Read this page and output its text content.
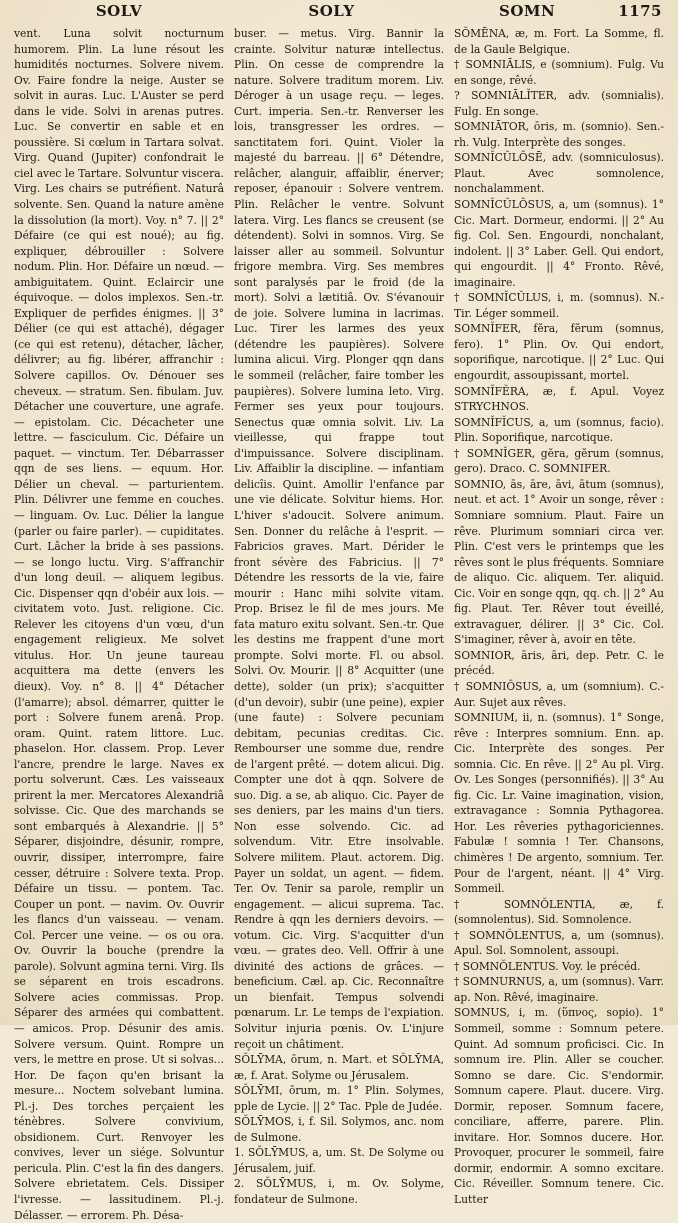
SOLV	SOLY	SOMN	1175

vent. Luna solvit nocturnum humorem. Plin. La lune résout les humidités nocturnes. Solvere nivem. Ov. Faire fondre la neige. Auster se solvit in auras. Luc. L'Auster se perd dans le vide. Solvi in arenas putres. Luc. Se convertir en sable et en poussière. Si cœlum in Tartara solvat. Virg. Quand (Jupiter) confondrait le ciel avec le Tartare. Solvuntur viscera. Virg. Les chairs se putréfient. Naturâ solvente. Sen. Quand la nature amène la dissolution (la mort). Voy. n° 7. || 2° Défaire (ce qui est noué); au fig. expliquer, débrouiller : Solvere nodum. Plin. Hor. Défaire un nœud. — ambiguitatem. Quint. Eclaircir une équivoque. — dolos implexos. Sen.-tr. Expliquer de perfides énigmes. || 3° Délier (ce qui est attaché), dégager (ce qui est retenu), détacher, lâcher, délivrer; au fig. libérer, affranchir : Solvere capillos. Ov. Dénouer ses cheveux. — stratum. Sen. fibulam. Juv. Détacher une couverture, une agrafe. — epistolam. Cic. Décacheter une lettre. — fasciculum. Cic. Défaire un paquet. — vinctum. Ter. Débarrasser qqn de ses liens. — equum. Hor. Délier un cheval. — parturientem. Plin. Délivrer une femme en couches. — linguam. Ov. Luc. Délier la langue (parler ou faire parler). — cupiditates. Curt. Lâcher la bride à ses passions. — se longo luctu. Virg. S'affranchir d'un long deuil. — aliquem legibus. Cic. Dispenser qqn d'obéir aux lois. — civitatem voto. Just. religione. Cic. Relever les citoyens d'un vœu, d'un engagement religieux. Me solvet vitulus. Hor. Un jeune taureau acquittera ma dette (envers les dieux). Voy. n° 8. || 4° Détacher (l'amarre); absol. démarrer, quitter le port : Solvere funem arenâ. Prop. oram. Quint. ratem littore. Luc. phaselon. Hor. classem. Prop. Lever l'ancre, prendre le large. Naves ex portu solverunt. Cæs. Les vaisseaux prirent la mer. Mercatores Alexandriâ solvisse. Cic. Que des marchands se sont embarqués à Alexandrie. || 5° Séparer, disjoindre, désunir, rompre, ouvrir, dissiper, interrompre, faire cesser, détruire : Solvere texta. Prop. Défaire un tissu. — pontem. Tac. Couper un pont. — navim. Ov. Ouvrir les flancs d'un vaisseau. — venam. Col. Percer une veine. — os ou ora. Ov. Ouvrir la bouche (prendre la parole). Solvunt agmina terni. Virg. Ils se séparent en trois escadrons. Solvere acies commissas. Prop. Séparer des armées qui combattent. — amicos. Prop. Désunir des amis. Solvere versum. Quint. Rompre un vers, le mettre en prose. Ut si solvas... Hor. De façon qu'en brisant la mesure... Noctem solvebant lumina. Pl.-j. Des torches perçaient les ténèbres. Solvere convivium, obsidionem. Curt. Renvoyer les convives, lever un siége. Solvuntur pericula. Plin. C'est la fin des dangers. Solvere ebrietatem. Cels. Dissiper l'ivresse. — lassitudinem. Pl.-j. Délasser. — errorem. Ph. Désa-

buser. — metus. Virg. Bannir la crainte. Solvitur naturæ intellectus. Plin. On cesse de comprendre la nature. Solvere traditum morem. Liv. Déroger à un usage reçu. — leges. Curt. imperia. Sen.-tr. Renverser les lois, transgresser les ordres. — sanctitatem fori. Quint. Violer la majesté du barreau. || 6° Détendre, relâcher, alanguir, affaiblir, énerver; reposer, épanouir : Solvere ventrem. Plin. Relâcher le ventre. Solvunt latera. Virg. Les flancs se creusent (se détendent). Solvi in somnos. Virg. Se laisser aller au sommeil. Solvuntur frigore membra. Virg. Ses membres sont paralysés par le froid (de la mort). Solvi a lætitiâ. Ov. S'évanouir de joie. Solvere lumina in lacrimas. Luc. Tirer les larmes des yeux (détendre les paupières). Solvere lumina alicui. Virg. Plonger qqn dans le sommeil (relâcher, faire tomber les paupières). Solvere lumina leto. Virg. Fermer ses yeux pour toujours. Senectus quæ omnia solvit. Liv. La vieillesse, qui frappe tout d'impuissance. Solvere disciplinam. Liv. Affaiblir la discipline. — infantiam delicîis. Quint. Amollir l'enfance par une vie délicate. Solvitur hiems. Hor. L'hiver s'adoucit. Solvere animum. Sen. Donner du relâche à l'esprit. — Fabricios graves. Mart. Dérider le front sévère des Fabricius. || 7° Détendre les ressorts de la vie, faire mourir : Hanc mihi solvite vitam. Prop. Brisez le fil de mes jours. Me fata maturo exitu solvant. Sen.-tr. Que les destins me frappent d'une mort prompte. Solvi morte. Fl. ou absol. Solvi. Ov. Mourir. || 8° Acquitter (une dette), solder (un prix); s'acquitter (d'un devoir), subir (une peine), expier (une faute) : Solvere pecuniam debitam, pecunias creditas. Cic. Rembourser une somme due, rendre de l'argent prêté. — dotem alicui. Dig. Compter une dot à qqn. Solvere de suo. Dig. a se, ab aliquo. Cic. Payer de ses deniers, par les mains d'un tiers. Non esse solvendo. Cic. ad solvendum. Vitr. Etre insolvable. Solvere militem. Plaut. actorem. Dig. Payer un soldat, un agent. — fidem. Ter. Ov. Tenir sa parole, remplir un engagement. — alicui suprema. Tac. Rendre à qqn les derniers devoirs. — votum. Cic. Virg. S'acquitter d'un vœu. — grates deo. Vell. Offrir à une divinité des actions de grâces. — beneficium. Cæl. ap. Cic. Reconnaître un bienfait. Tempus solvendi pœnarum. Lr. Le temps de l'expiation. Solvitur injuria pœnis. Ov. L'injure reçoit un châtiment.

SŎLȲMA, ōrum, n. Mart. et SŎLȲMA, æ, f. Arat. Solyme ou Jérusalem.

SŎLȲMI, ōrum, m. 1° Plin. Solymes, pple de Lycie. || 2° Tac. Pple de Judée.

SŎLȲMOS, i, f. Sil. Solymos, anc. nom de Sulmone.

1. SŎLȲMUS, a, um. St. De Solyme ou Jérusalem, juif.

2. SŎLȲMUS, i, m. Ov. Solyme, fondateur de Sulmone.

SŎMĒNA, æ, m. Fort. La Somme, fl. de la Gaule Belgique.

† SOMNIĀLIS, e (somnium). Fulg. Vu en songe, rêvé.

? SOMNIĀLĬTER, adv. (somnialis). Fulg. En songe.

SOMNIĀTOR, ōris, m. (somnio). Sen.-rh. Vulg. Interprète des songes.

SOMNĬCŬLŌSĒ, adv. (somniculosus). Plaut. Avec somnolence, nonchalamment.

SOMNĬCŬLŌSUS, a, um (somnus). 1° Cic. Mart. Dormeur, endormi. || 2° Au fig. Col. Sen. Engourdi, nonchalant, indolent. || 3° Laber. Gell. Qui endort, qui engourdit. || 4° Fronto. Rêvé, imaginaire.

† SOMNĬCŬLUS, i, m. (somnus). N.-Tir. Léger sommeil.

SOMNĬFER, fĕra, fĕrum (somnus, fero). 1° Plin. Ov. Qui endort, soporifique, narcotique. || 2° Luc. Qui engourdit, assoupissant, mortel.

SOMNĬFĔRA, æ, f. Apul. Voyez STRYCHNOS.

SOMNĬFĬCUS, a, um (somnus, facio). Plin. Soporifique, narcotique.

† SOMNĬGER, gĕra, gĕrum (somnus, gero). Draco. C. SOMNIFER.

SOMNIO, ās, āre, āvi, ātum (somnus), neut. et act. 1° Avoir un songe, rêver : Somniare somnium. Plaut. Faire un rêve. Plurimum somniari circa ver. Plin. C'est vers le printemps que les rêves sont le plus fréquents. Somniare de aliquo. Cic. aliquem. Ter. aliquid. Cic. Voir en songe qqn, qq. ch. || 2° Au fig. Plaut. Ter. Rêver tout éveillé, extravaguer, délirer. || 3° Cic. Col. S'imaginer, rêver à, avoir en tête.

SOMNIOR, āris, āri, dep. Petr. C. le précéd.

† SOMNIŌSUS, a, um (somnium). C.-Aur. Sujet aux rêves.

SOMNIUM, ii, n. (somnus). 1° Songe, rêve : Interpres somnium. Enn. ap. Cic. Interprète des songes. Per somnia. Cic. En rêve. || 2° Au pl. Virg. Ov. Les Songes (personnifiés). || 3° Au fig. Cic. Lr. Vaine imagination, vision, extravagance : Somnia Pythagorea. Hor. Les rêveries pythagoriciennes. Fabulæ ! somnia ! Ter. Chansons, chimères ! De argento, somnium. Ter. Pour de l'argent, néant. || 4° Virg. Sommeil.

† SOMNŎLENTIA, æ, f. (somnolentus). Sid. Somnolence.

† SOMNŎLENTUS, a, um (somnus). Apul. Sol. Somnolent, assoupi.

† SOMNŎLENTUS. Voy. le précéd.

† SOMNURNUS, a, um (somnus). Varr. ap. Non. Rêvé, imaginaire.

SOMNUS, i, m. (ὕπνος, sopio). 1° Sommeil, somme : Somnum petere. Quint. Ad somnum proficisci. Cic. In somnum ire. Plin. Aller se coucher. Somno se dare. Cic. S'endormir. Somnum capere. Plaut. ducere. Virg. Dormir, reposer. Somnum facere, conciliare, afferre, parere. Plin. invitare. Hor. Somnos ducere. Hor. Provoquer, procurer le sommeil, faire dormir, endormir. A somno excitare. Cic. Réveiller. Somnum tenere. Cic. Lutter
